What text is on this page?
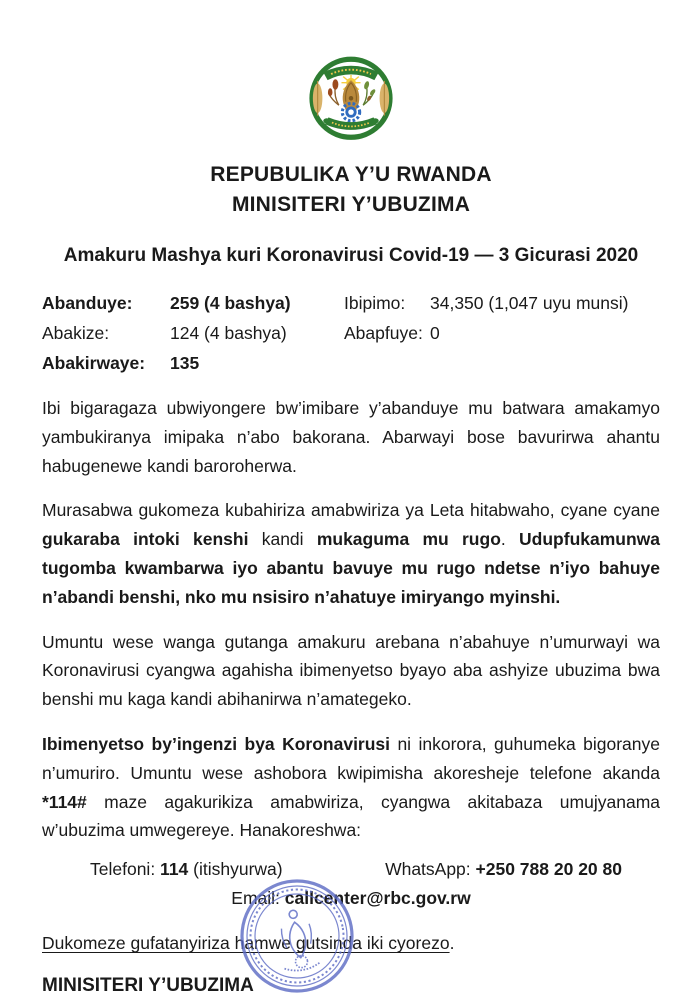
REPUBULIKA Y’U RWANDA
MINISITERI Y’UBUZIMA
Amakuru Mashya kuri Koronavirusi Covid-19 — 3 Gicurasi 2020
Abanduye:	259 (4 bashya)	Ibipimo:	34,350 (1,047 uyu munsi)
Abakize:	124 (4 bashya)	Abapfuye: 0
Abakirwaye:	135

Ibi bigaragaza ubwiyongere bw’imibare y’abanduye mu batwara amakamyo yambukiranya imipaka n’abo bakorana. Abarwayi bose bavurirwa ahantu habugenewe kandi baroroherwa.

Murasabwa gukomeza kubahiriza amabwiriza ya Leta hitabwaho, cyane cyane gukaraba intoki kenshi kandi mukaguma mu rugo. Udupfukamunwa tugomba kwambarwa iyo abantu bavuye mu rugo ndetse n’iyo bahuye n’abandi benshi, nko mu nsisiro n’ahatuye imiryango myinshi.

Umuntu wese wanga gutanga amakuru arebana n’abahuye n’umurwayi wa Koronavirusi cyangwa agahisha ibimenyetso byayo aba ashyize ubuzima bwa benshi mu kaga kandi abihanirwa n’amategeko.

Ibimenyetso by’ingenzi bya Koronavirusi ni inkorora, guhumeka bigoranye n’umuriro. Umuntu wese ashobora kwipimisha akoresheje telefone akanda *114# maze agakurikiza amabwiriza, cyangwa akitabaza umujyanama w’ubuzima umwegereye. Hanakoreshwa:

Telefoni: 114 (itishyurwa)	WhatsApp: +250 788 20 20 80
Email: callcenter@rbc.gov.rw
Dukomeze gufatanyiriza hamwe gutsinda iki cyorezo.
MINISITERI Y’UBUZIMA
